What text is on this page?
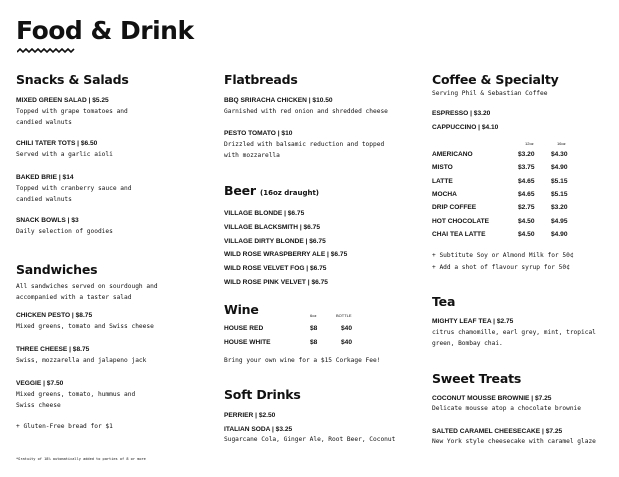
Food & Drink
Snacks & Salads
MIXED GREEN SALAD | $5.25
Topped with grape tomatoes and
candied walnuts
CHILI TATER TOTS | $6.50
Served with a garlic aioli
BAKED BRIE | $14
Topped with cranberry sauce and
candied walnuts
SNACK BOWLS | $3
Daily selection of goodies
Sandwiches
All sandwiches served on sourdough and
accompanied with a taster salad
CHICKEN PESTO | $8.75
Mixed greens, tomato and Swiss cheese
THREE CHEESE | $8.75
Swiss, mozzarella and jalapeno jack
VEGGIE | $7.50
Mixed greens, tomato, hummus and
Swiss cheese
+ Gluten-Free bread for $1
*Gratuity of 18% automatically added to parties of 8 or more
Flatbreads
BBQ SRIRACHA CHICKEN | $10.50
Garnished with red onion and shredded cheese
PESTO TOMATO | $10
Drizzled with balsamic reduction and topped
with mozzarella
Beer (16oz draught)
VILLAGE BLONDE | $6.75
VILLAGE BLACKSMITH | $6.75
VILLAGE DIRTY BLONDE | $6.75
WILD ROSE WRASPBERRY ALE | $6.75
WILD ROSE VELVET FOG | $6.75
WILD ROSE PINK VELVET | $6.75
Wine	6oz	BOTTLE
HOUSE RED	$8	$40
HOUSE WHITE	$8	$40
Bring your own wine for a $15 Corkage Fee!
Soft Drinks
PERRIER | $2.50
ITALIAN SODA | $3.25
Sugarcane Cola, Ginger Ale, Root Beer, Coconut
Coffee & Specialty
Serving Phil & Sebastian Coffee
ESPRESSO | $3.20
CAPPUCCINO | $4.10
12oz	16oz
AMERICANO	$3.20 $4.30
MISTO	$3.75 $4.90
LATTE	$4.65 $5.15
MOCHA	$4.65 $5.15
DRIP COFFEE	$2.75 $3.20
HOT CHOCOLATE	$4.50 $4.95
CHAI TEA LATTE	$4.50 $4.90
+ Subtitute Soy or Almond Milk for 50¢
+ Add a shot of flavour syrup for 50¢
Tea
MIGHTY LEAF TEA | $2.75
citrus chamomille, earl grey, mint, tropical
green, Bombay chai.
Sweet Treats
COCONUT MOUSSE BROWNIE | $7.25
Delicate mousse atop a chocolate brownie
SALTED CARAMEL CHEESECAKE | $7.25
New York style cheesecake with caramel glaze
